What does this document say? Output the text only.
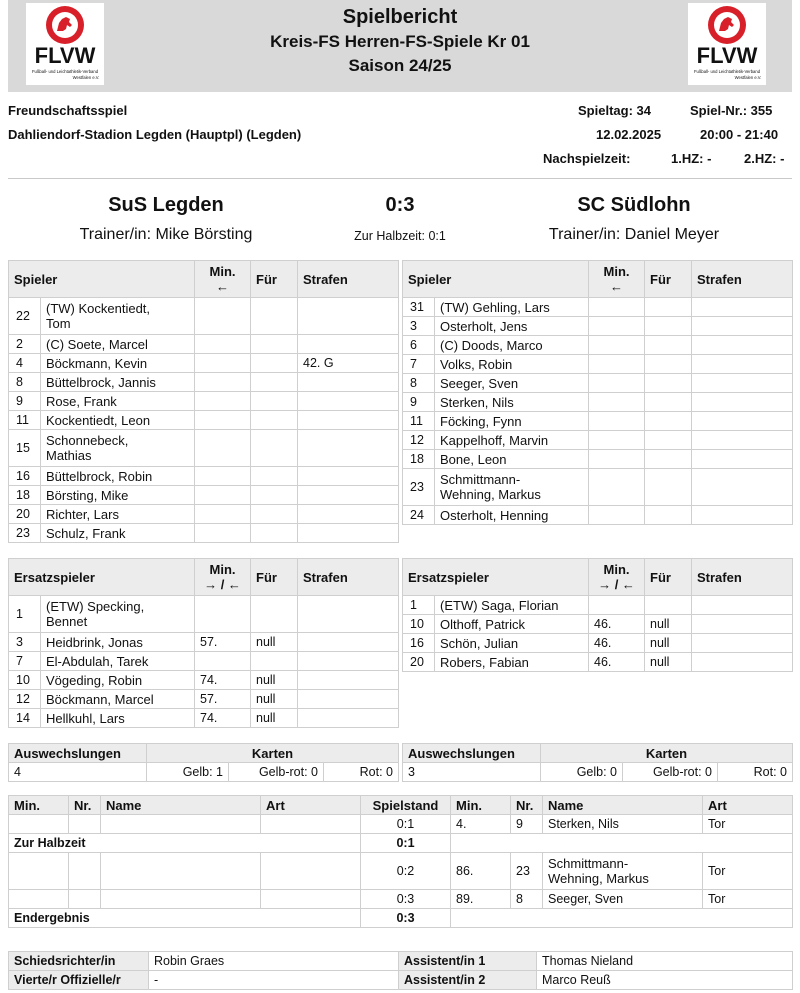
Spielbericht
Kreis-FS Herren-FS-Spiele Kr 01
Saison 24/25
FLVW
Fußball- und Leichtathletik-Verband
Westfalen e.V.
FLVW
Fußball- und Leichtathletik-Verband
Westfalen e.V.
Freundschaftsspiel
Dahliendorf-Stadion Legden (Hauptpl) (Legden)
Spieltag: 34	Spiel-Nr.: 355
12.02.2025	20:00 - 21:40
Nachspielzeit:	1.HZ: -	2.HZ: -
SuS Legden	0:3	SC Südlohn
Trainer/in: Mike Börsting	Zur Halbzeit: 0:1	Trainer/in: Daniel Meyer
Spieler		Min.
←	Für	Strafen
22	(TW) Kockentiedt,
Tom			

2	(C) Soete, Marcel			

4	Böckmann, Kevin			42. G
8	Büttelbrock, Jannis			

9	Rose, Frank			

11	Kockentiedt, Leon			

15	Schonnebeck,
Mathias			

16	Büttelbrock, Robin			

18	Börsting, Mike			

20	Richter, Lars			

23	Schulz, Frank			

Spieler		Min.
←	Für	Strafen
31	(TW) Gehling, Lars			

3	Osterholt, Jens			

6	(C) Doods, Marco			

7	Volks, Robin			

8	Seeger, Sven			

9	Sterken, Nils			

11	Föcking, Fynn			

12	Kappelhoff, Marvin			

18	Bone, Leon			

23	Schmittmann-
Wehning, Markus			

24	Osterholt, Henning			

Ersatzspieler		Min.
→ / ←	Für	Strafen
1	(ETW) Specking,
Bennet			

3	Heidbrink, Jonas	57.	null	
7	El-Abdulah, Tarek			

10	Vögeding, Robin	74.	null	
12	Böckmann, Marcel	57.	null	
14	Hellkuhl, Lars	74.	null	
Ersatzspieler		Min.
→ / ←	Für	Strafen
1	(ETW) Saga, Florian			

10	Olthoff, Patrick	46.	null	
16	Schön, Julian	46.	null	
20	Robers, Fabian	46.	null	
Auswechslungen	Karten		
4	Gelb: 1	Gelb-rot: 0	Rot: 0
Auswechslungen	Karten		
3	Gelb: 0	Gelb-rot: 0	Rot: 0
Min.	Nr.	Name	Art	Spielstand	Min.	Nr.	Name	Art
				0:1	4.	9	Sterken, Nils	Tor
Zur Halbzeit				0:1				
				0:2	86.	23	Schmittmann-
Wehning, Markus	Tor
				0:3	89.	8	Seeger, Sven	Tor
Endergebnis				0:3				
Schiedsrichter/in	Robin Graes	Assistent/in 1	Thomas Nieland
Vierte/r Offizielle/r	-	Assistent/in 2	Marco Reuß
